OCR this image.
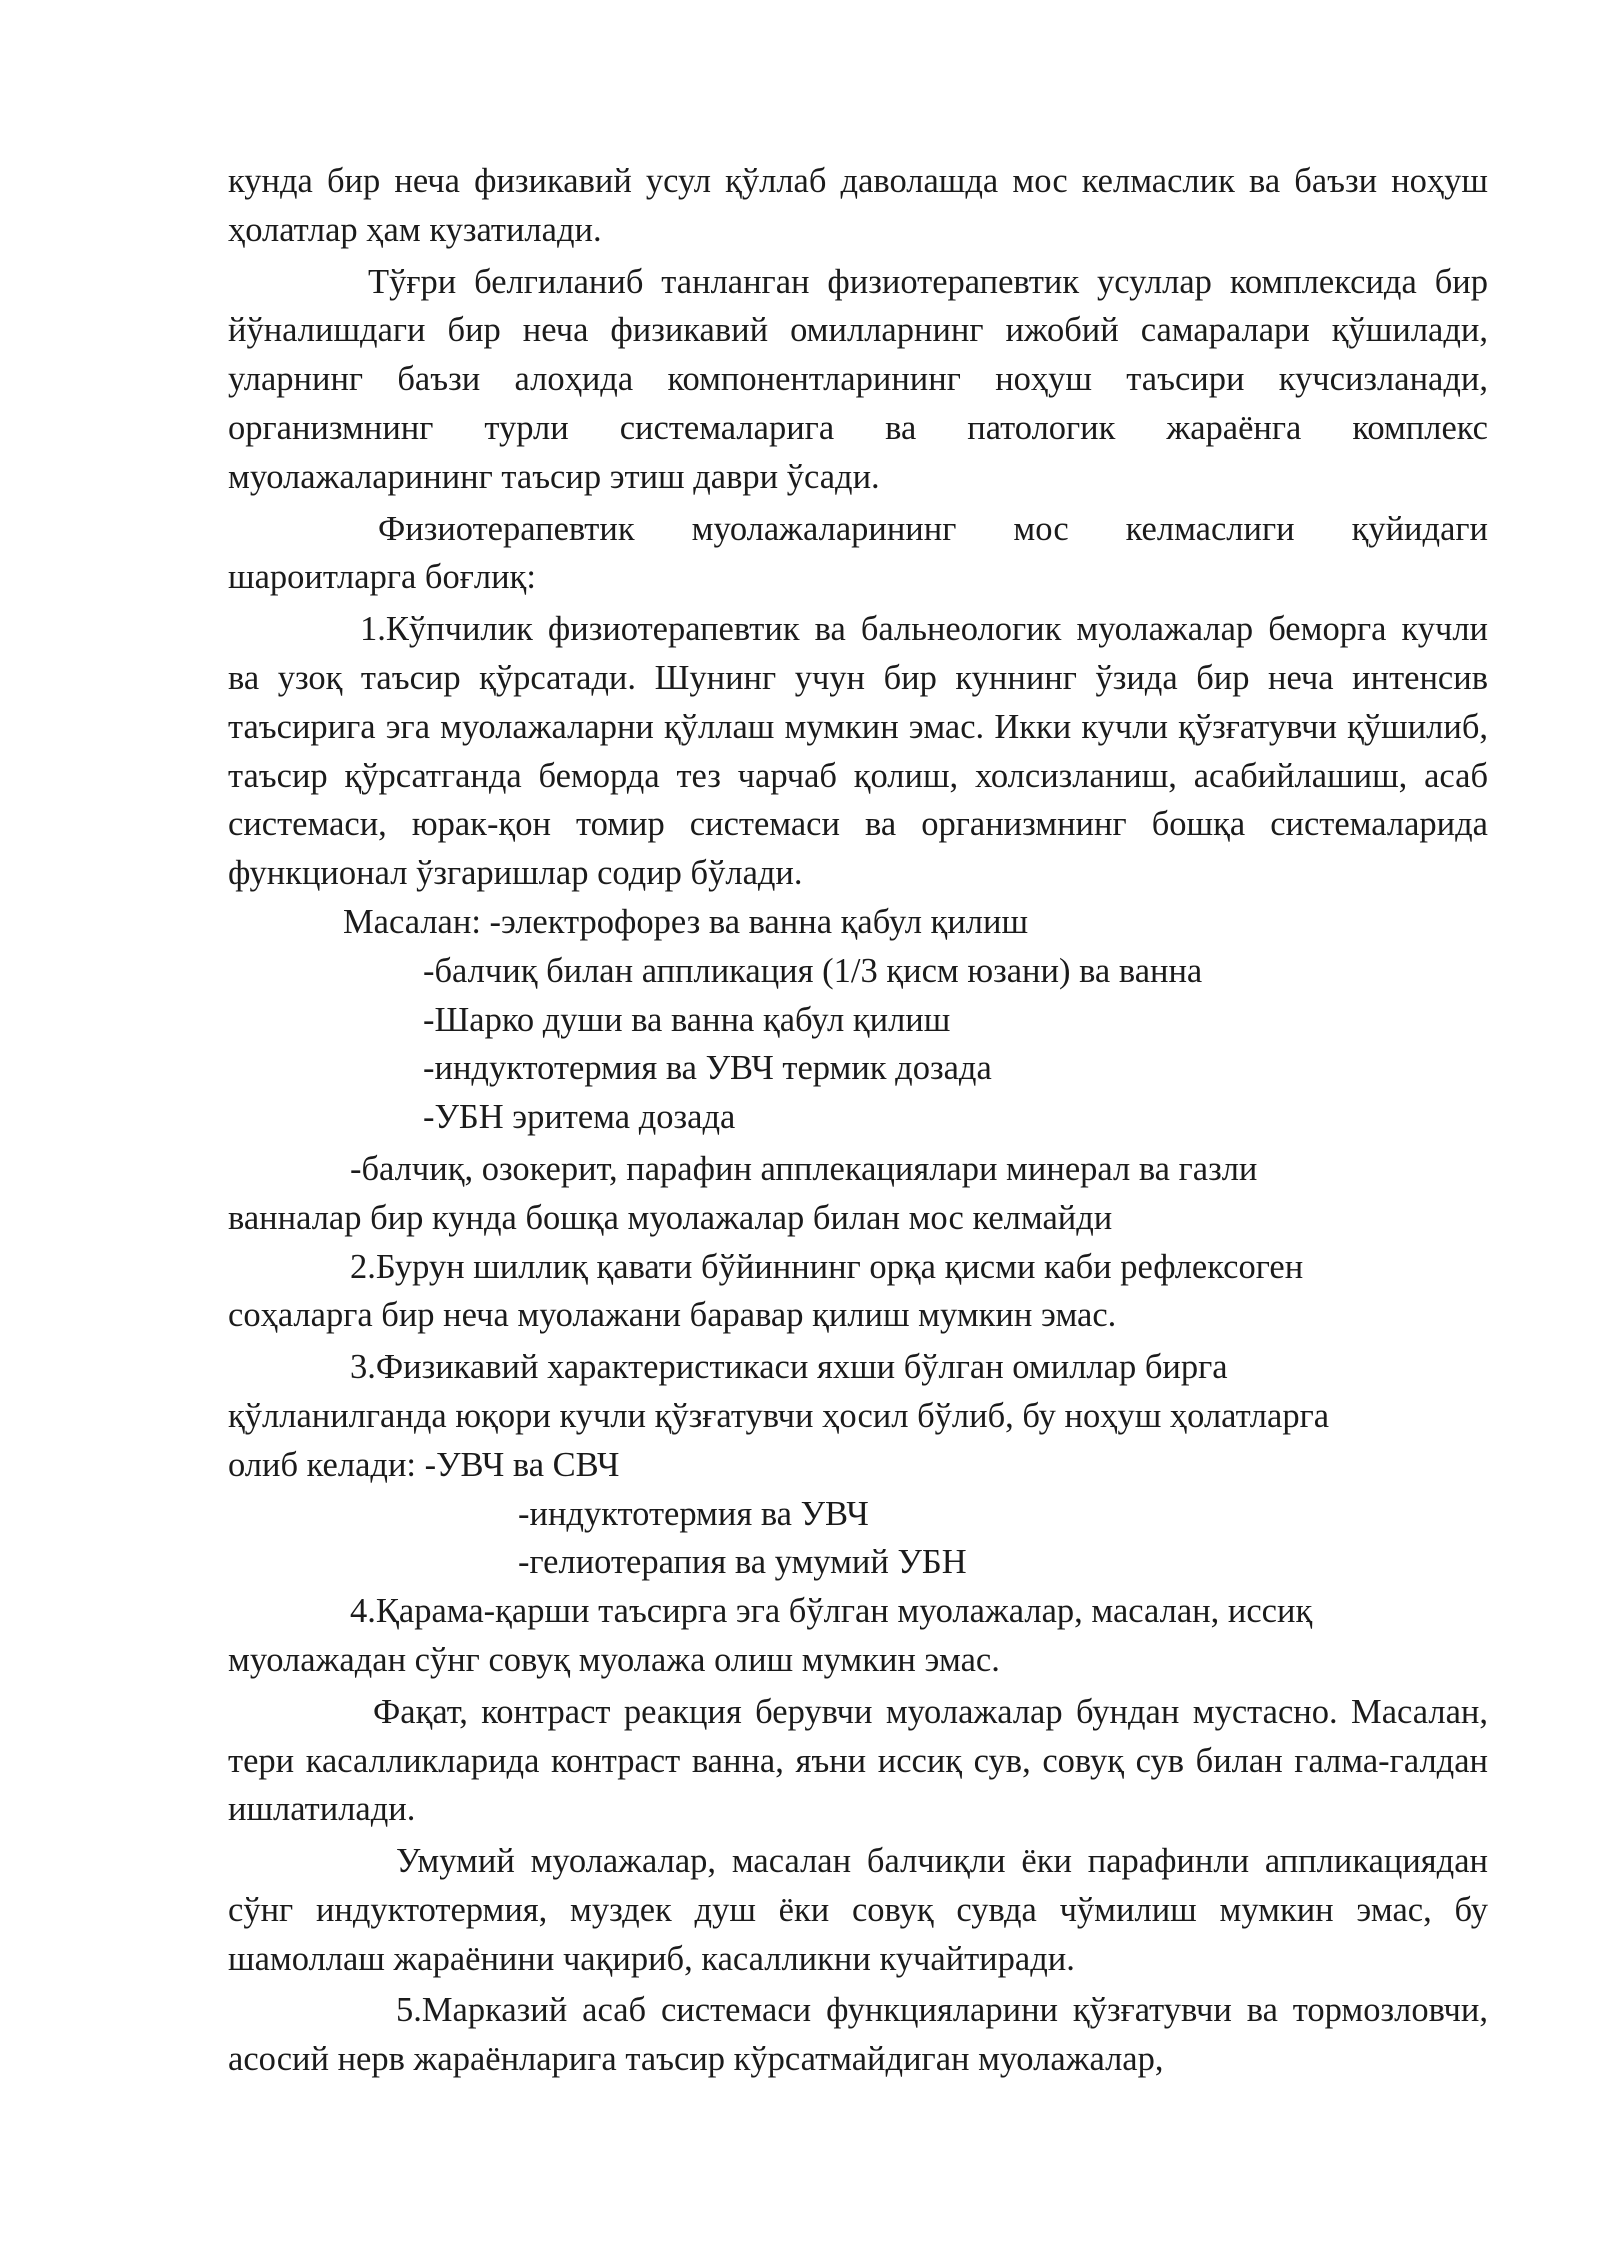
кунда бир неча физикавий усул қўллаб даволашда мос келмаслик ва баъзи ноҳуш ҳолатлар ҳам кузатилади.

Тўғри белгиланиб танланган физиотерапевтик усуллар комплексида бир йўналишдаги бир неча физикавий омилларнинг ижобий самаралари қўшилади, уларнинг баъзи алоҳида компонентларининг ноҳуш таъсири кучсизланади, организмнинг турли системаларига ва патологик жараёнга комплекс муолажаларининг таъсир этиш даври ўсади.

Физиотерапевтик муолажаларининг мос келмаслиги қуйидаги шароитларга боғлиқ:

1.Кўпчилик физиотерапевтик ва бальнеологик муолажалар беморга кучли ва узоқ таъсир қўрсатади. Шунинг учун бир куннинг ўзида бир неча интенсив таъсирига эга муолажаларни қўллаш мумкин эмас. Икки кучли қўзғатувчи қўшилиб, таъсир қўрсатганда беморда тез чарчаб қолиш, холсизланиш, асабийлашиш, асаб системаси, юрак-қон томир системаси ва организмнинг бошқа системаларида функционал ўзгаришлар содир бўлади.

Масалан: -электрофорез ва ванна қабул қилиш

-балчиқ билан аппликация (1/3 қисм юзани) ва ванна

-Шарко души ва ванна қабул қилиш

-индуктотермия ва УВЧ термик дозада

-УБН эритема дозада

-балчиқ, озокерит, парафин апплекациялари минерал ва газли
ванналар бир кунда бошқа муолажалар билан мос келмайди

2.Бурун шиллиқ қавати бўйиннинг орқа қисми каби рефлексоген
соҳаларга бир неча муолажани баравар қилиш мумкин эмас.

3.Физикавий характеристикаси яхши бўлган омиллар бирга
қўлланилганда юқори кучли қўзғатувчи ҳосил бўлиб, бу ноҳуш ҳолатларга
олиб келади: -УВЧ ва СВЧ

-индуктотермия ва УВЧ

-гелиотерапия ва умумий УБН

4.Қарама-қарши таъсирга эга бўлган муолажалар, масалан, иссиқ
муолажадан сўнг совуқ муолажа олиш мумкин эмас.

Фақат, контраст реакция берувчи муолажалар бундан мустасно. Масалан, тери касалликларида контраст ванна, яъни иссиқ сув, совуқ сув билан галма-галдан ишлатилади.

Умумий муолажалар, масалан балчиқли ёки парафинли аппликациядан сўнг индуктотермия, муздек душ ёки совуқ сувда чўмилиш мумкин эмас, бу шамоллаш жараёнини чақириб, касалликни кучайтиради.

5.Марказий асаб системаси функцияларини қўзғатувчи ва тормозловчи, асосий нерв жараёнларига таъсир кўрсатмайдиган муолажалар,
